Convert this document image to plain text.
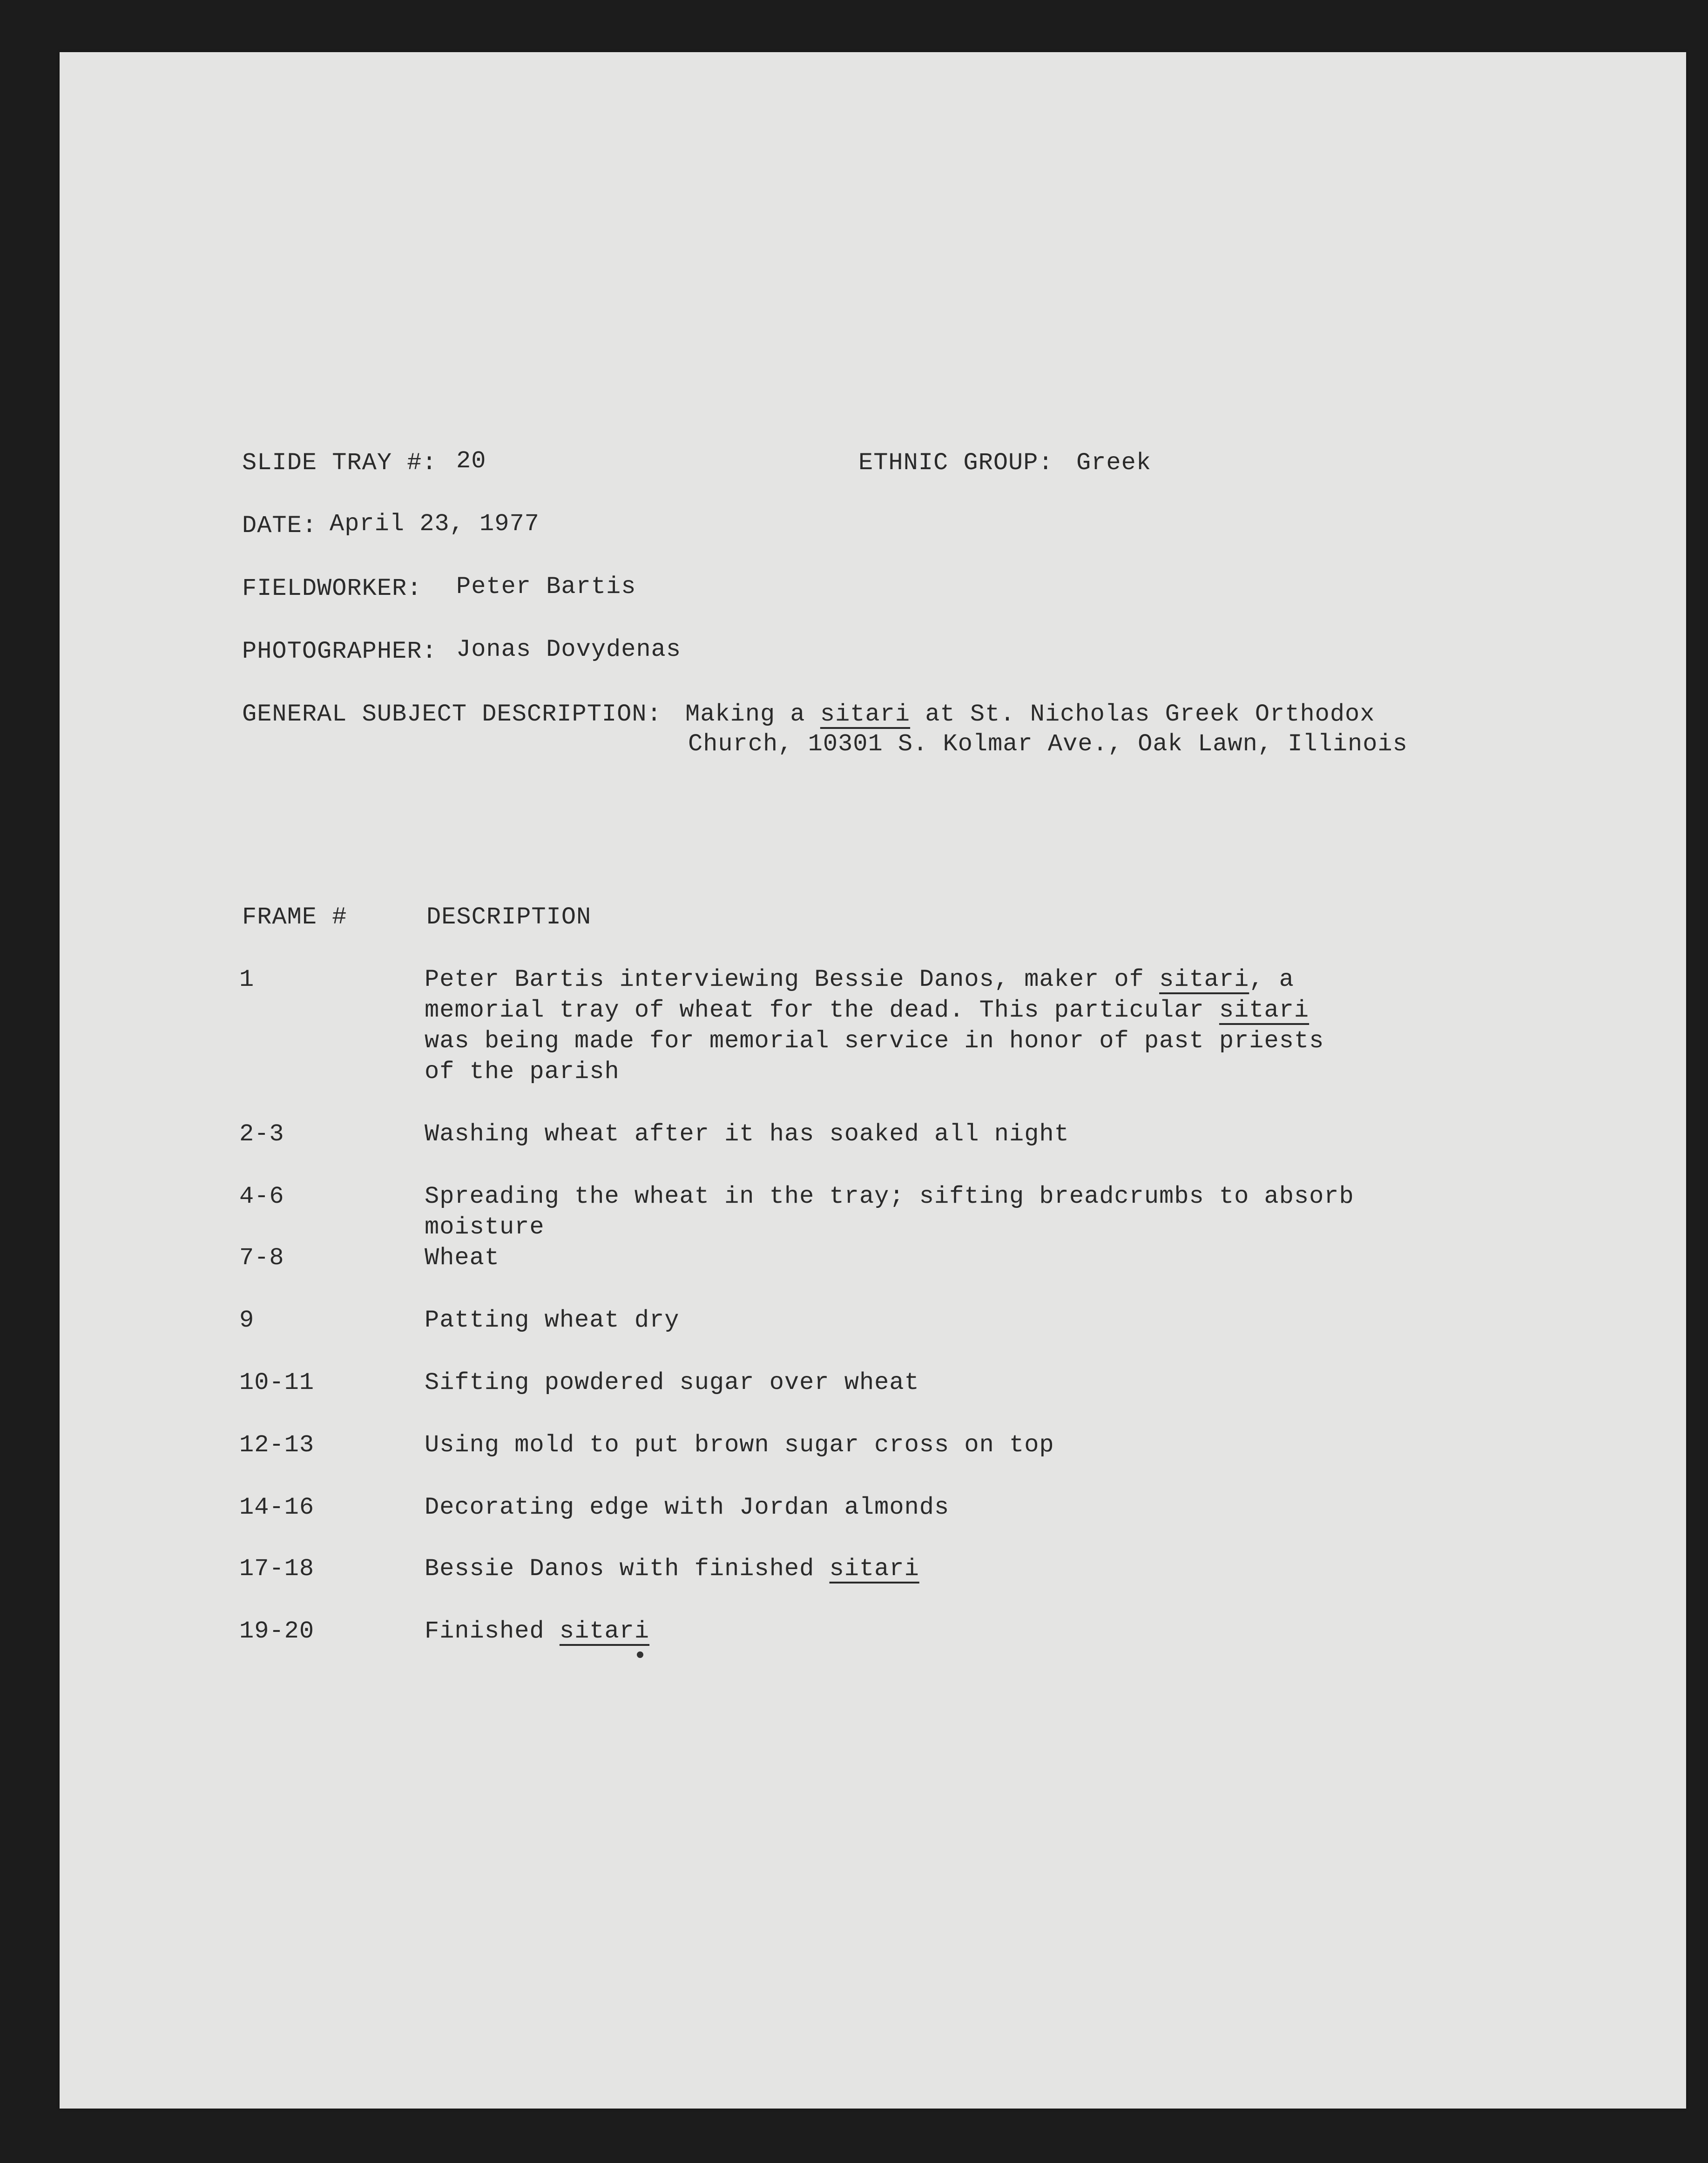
SLIDE TRAY #: 20	ETHNIC GROUP: Greek
DATE: April 23, 1977
FIELDWORKER: Peter Bartis
PHOTOGRAPHER: Jonas Dovydenas
GENERAL SUBJECT DESCRIPTION: Making a sitari at St. Nicholas Greek Orthodox
Church, 10301 S. Kolmar Ave., Oak Lawn, Illinois
FRAME #	DESCRIPTION
1	Peter Bartis interviewing Bessie Danos, maker of sitari, a
memorial tray of wheat for the dead. This particular sitari
was being made for memorial service in honor of past priests
of the parish
2-3	Washing wheat after it has soaked all night
4-6	Spreading the wheat in the tray; sifting breadcrumbs to absorb
moisture
7-8	Wheat
9	Patting wheat dry
10-11	Sifting powdered sugar over wheat
12-13	Using mold to put brown sugar cross on top
14-16	Decorating edge with Jordan almonds
17-18	Bessie Danos with finished sitari
19-20	Finished sitari
